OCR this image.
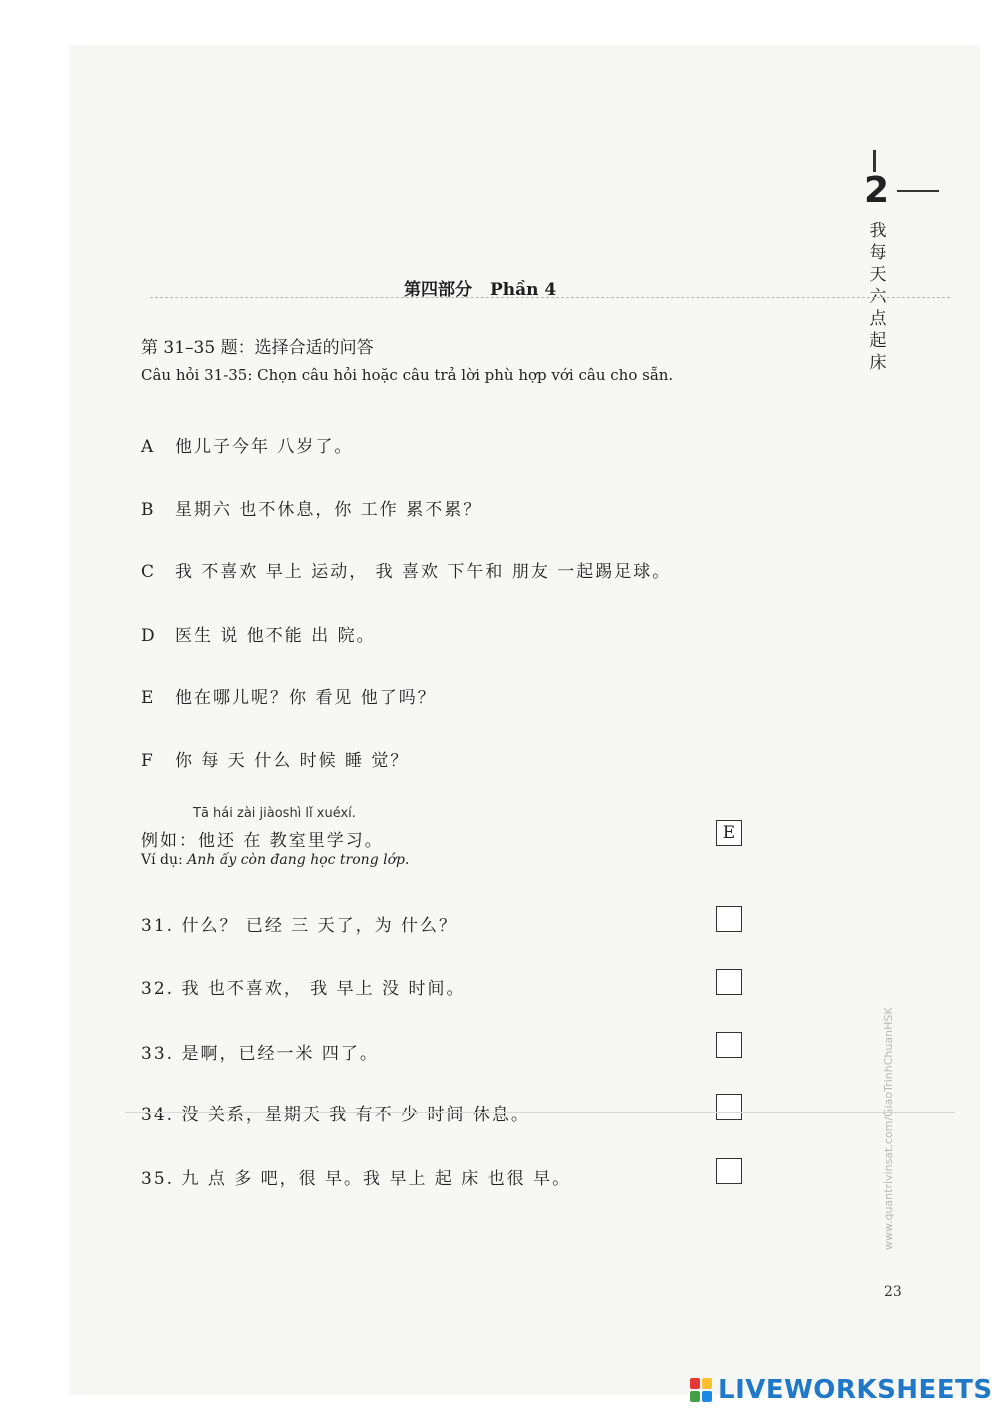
2
我
每
天
六
点
起
床
第四部分 Phần 4
第 31–35 题：选择合适的问答
Câu hỏi 31-35: Chọn câu hỏi hoặc câu trả lời phù hợp với câu cho sẵn.
A 他儿子今年 八岁了。
B 星期六 也不休息，你 工作 累不累？
C 我 不喜欢 早上 运动， 我 喜欢 下午和 朋友 一起踢足球。
D 医生 说 他不能 出 院。
E 他在哪儿呢？你 看见 他了吗？
F 你 每 天 什么 时候 睡 觉？
Tā hái zài jiàoshì lǐ xuéxí.
例如：他还 在 教室里学习。
Ví dụ: Anh ấy còn đang học trong lớp.
E
31. 什么？ 已经 三 天了，为 什么？
32. 我 也不喜欢， 我 早上 没 时间。
33. 是啊，已经一米 四了。
34. 没 关系，星期天 我 有不 少 时间 休息。
35. 九 点 多 吧，很 早。我 早上 起 床 也很 早。	www.quantrivinsat.com/GiaoTrinhChuanHSK
23
LIVEWORKSHEETS
